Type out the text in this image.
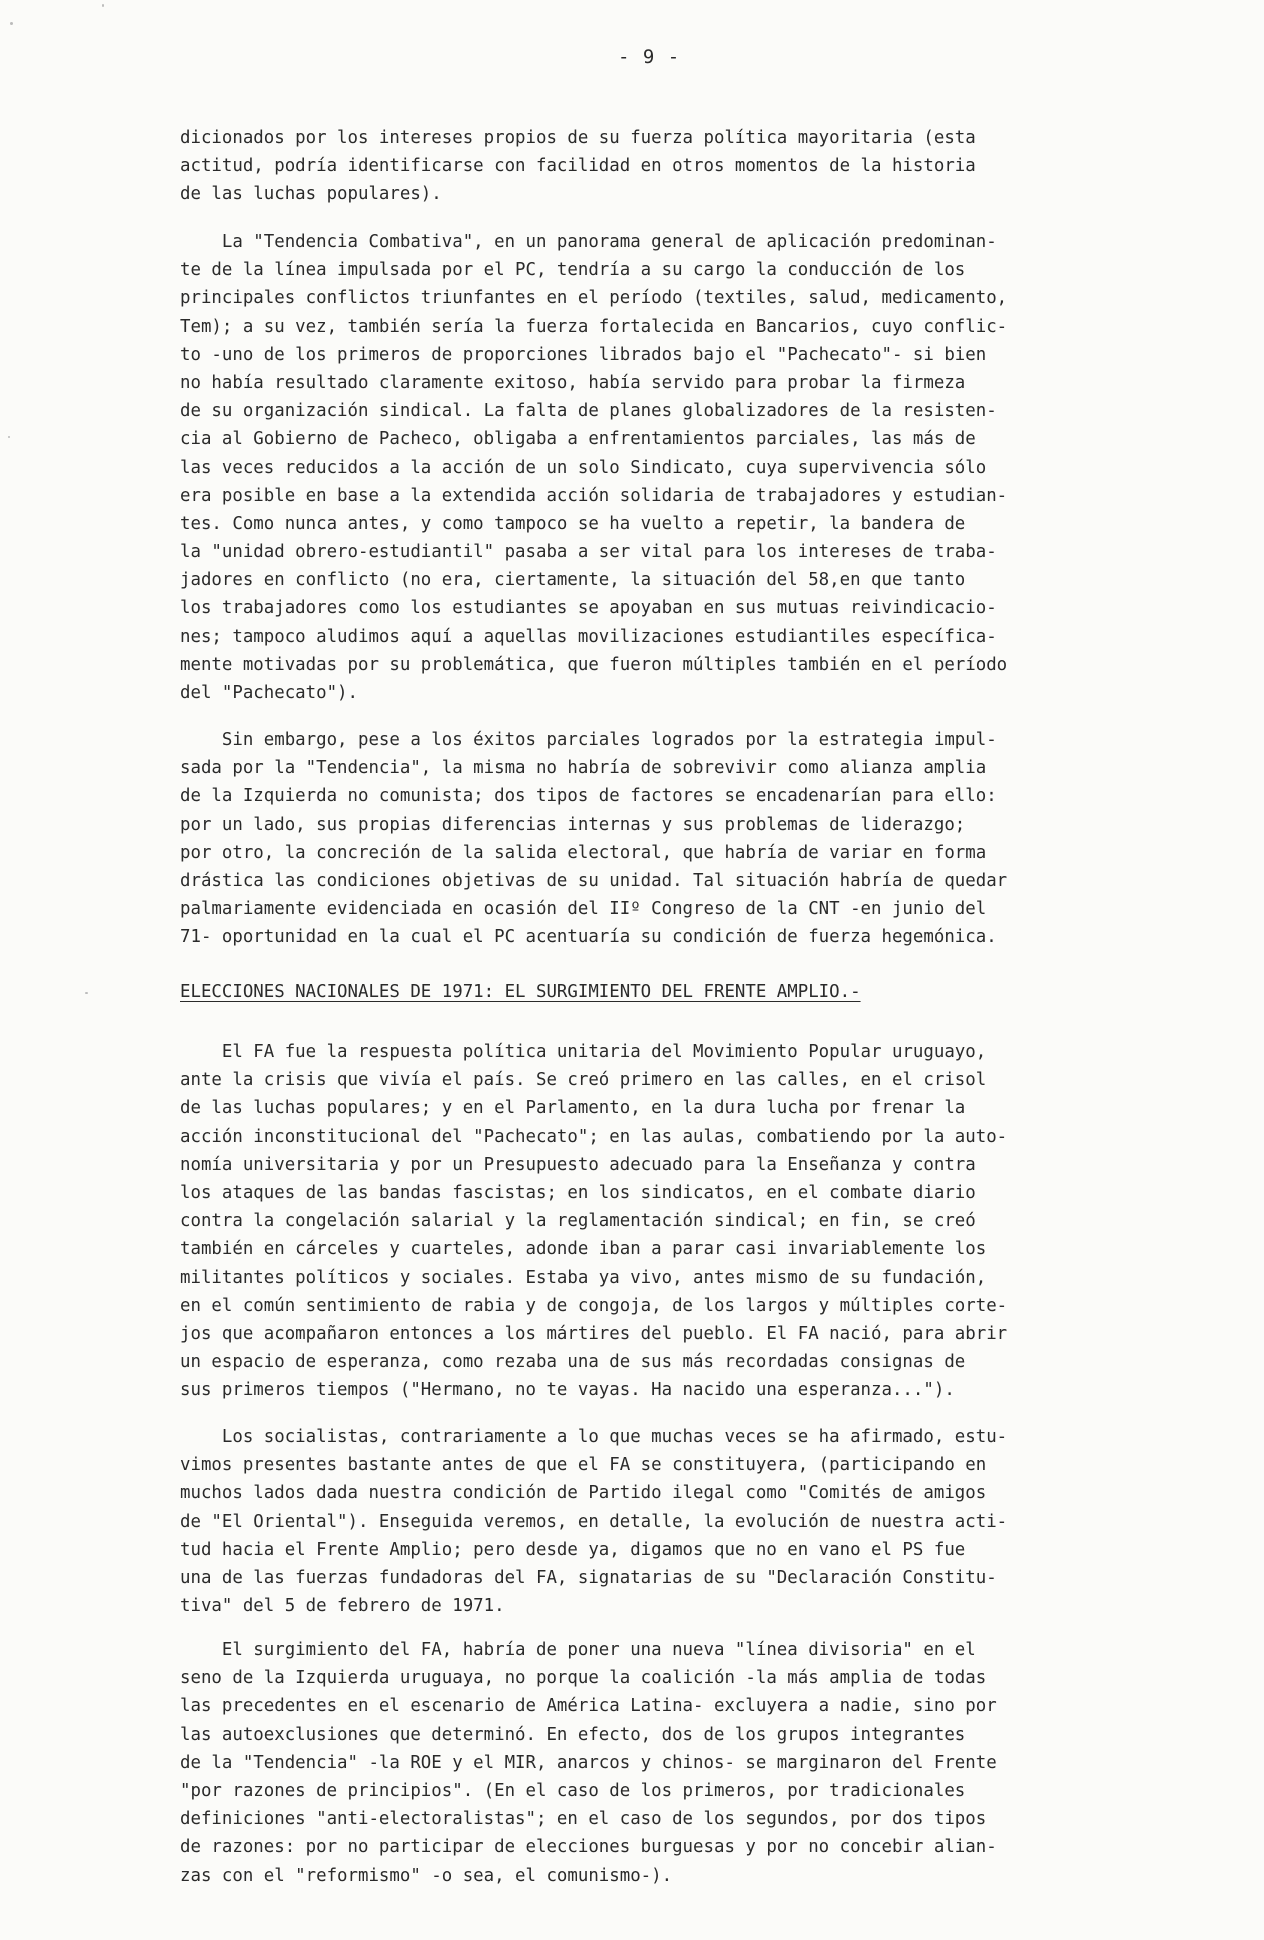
- 9 -
dicionados por los intereses propios de su fuerza política mayoritaria (esta
actitud, podría identificarse con facilidad en otros momentos de la historia
de las luchas populares).
La "Tendencia Combativa", en un panorama general de aplicación predominan-
te de la línea impulsada por el PC, tendría a su cargo la conducción de los
principales conflictos triunfantes en el período (textiles, salud, medicamento,
Tem); a su vez, también sería la fuerza fortalecida en Bancarios, cuyo conflic-
to -uno de los primeros de proporciones librados bajo el "Pachecato"- si bien
no había resultado claramente exitoso, había servido para probar la firmeza
de su organización sindical. La falta de planes globalizadores de la resisten-
cia al Gobierno de Pacheco, obligaba a enfrentamientos parciales, las más de
las veces reducidos a la acción de un solo Sindicato, cuya supervivencia sólo
era posible en base a la extendida acción solidaria de trabajadores y estudian-
tes. Como nunca antes, y como tampoco se ha vuelto a repetir, la bandera de
la "unidad obrero-estudiantil" pasaba a ser vital para los intereses de traba-
jadores en conflicto (no era, ciertamente, la situación del 58,en que tanto
los trabajadores como los estudiantes se apoyaban en sus mutuas reivindicacio-
nes; tampoco aludimos aquí a aquellas movilizaciones estudiantiles específica-
mente motivadas por su problemática, que fueron múltiples también en el período
del "Pachecato").
Sin embargo, pese a los éxitos parciales logrados por la estrategia impul-
sada por la "Tendencia", la misma no habría de sobrevivir como alianza amplia
de la Izquierda no comunista; dos tipos de factores se encadenarían para ello:
por un lado, sus propias diferencias internas y sus problemas de liderazgo;
por otro, la concreción de la salida electoral, que habría de variar en forma
drástica las condiciones objetivas de su unidad. Tal situación habría de quedar
palmariamente evidenciada en ocasión del IIº Congreso de la CNT -en junio del
71- oportunidad en la cual el PC acentuaría su condición de fuerza hegemónica.
ELECCIONES NACIONALES DE 1971: EL SURGIMIENTO DEL FRENTE AMPLIO.-
El FA fue la respuesta política unitaria del Movimiento Popular uruguayo,
ante la crisis que vivía el país. Se creó primero en las calles, en el crisol
de las luchas populares; y en el Parlamento, en la dura lucha por frenar la
acción inconstitucional del "Pachecato"; en las aulas, combatiendo por la auto-
nomía universitaria y por un Presupuesto adecuado para la Enseñanza y contra
los ataques de las bandas fascistas; en los sindicatos, en el combate diario
contra la congelación salarial y la reglamentación sindical; en fin, se creó
también en cárceles y cuarteles, adonde iban a parar casi invariablemente los
militantes políticos y sociales. Estaba ya vivo, antes mismo de su fundación,
en el común sentimiento de rabia y de congoja, de los largos y múltiples corte-
jos que acompañaron entonces a los mártires del pueblo. El FA nació, para abrir
un espacio de esperanza, como rezaba una de sus más recordadas consignas de
sus primeros tiempos ("Hermano, no te vayas. Ha nacido una esperanza...").
Los socialistas, contrariamente a lo que muchas veces se ha afirmado, estu-
vimos presentes bastante antes de que el FA se constituyera, (participando en
muchos lados dada nuestra condición de Partido ilegal como "Comités de amigos
de "El Oriental"). Enseguida veremos, en detalle, la evolución de nuestra acti-
tud hacia el Frente Amplio; pero desde ya, digamos que no en vano el PS fue
una de las fuerzas fundadoras del FA, signatarias de su "Declaración Constitu-
tiva" del 5 de febrero de 1971.
El surgimiento del FA, habría de poner una nueva "línea divisoria" en el
seno de la Izquierda uruguaya, no porque la coalición -la más amplia de todas
las precedentes en el escenario de América Latina- excluyera a nadie, sino por
las autoexclusiones que determinó. En efecto, dos de los grupos integrantes
de la "Tendencia" -la ROE y el MIR, anarcos y chinos- se marginaron del Frente
"por razones de principios". (En el caso de los primeros, por tradicionales
definiciones "anti-electoralistas"; en el caso de los segundos, por dos tipos
de razones: por no participar de elecciones burguesas y por no concebir alian-
zas con el "reformismo" -o sea, el comunismo-).
